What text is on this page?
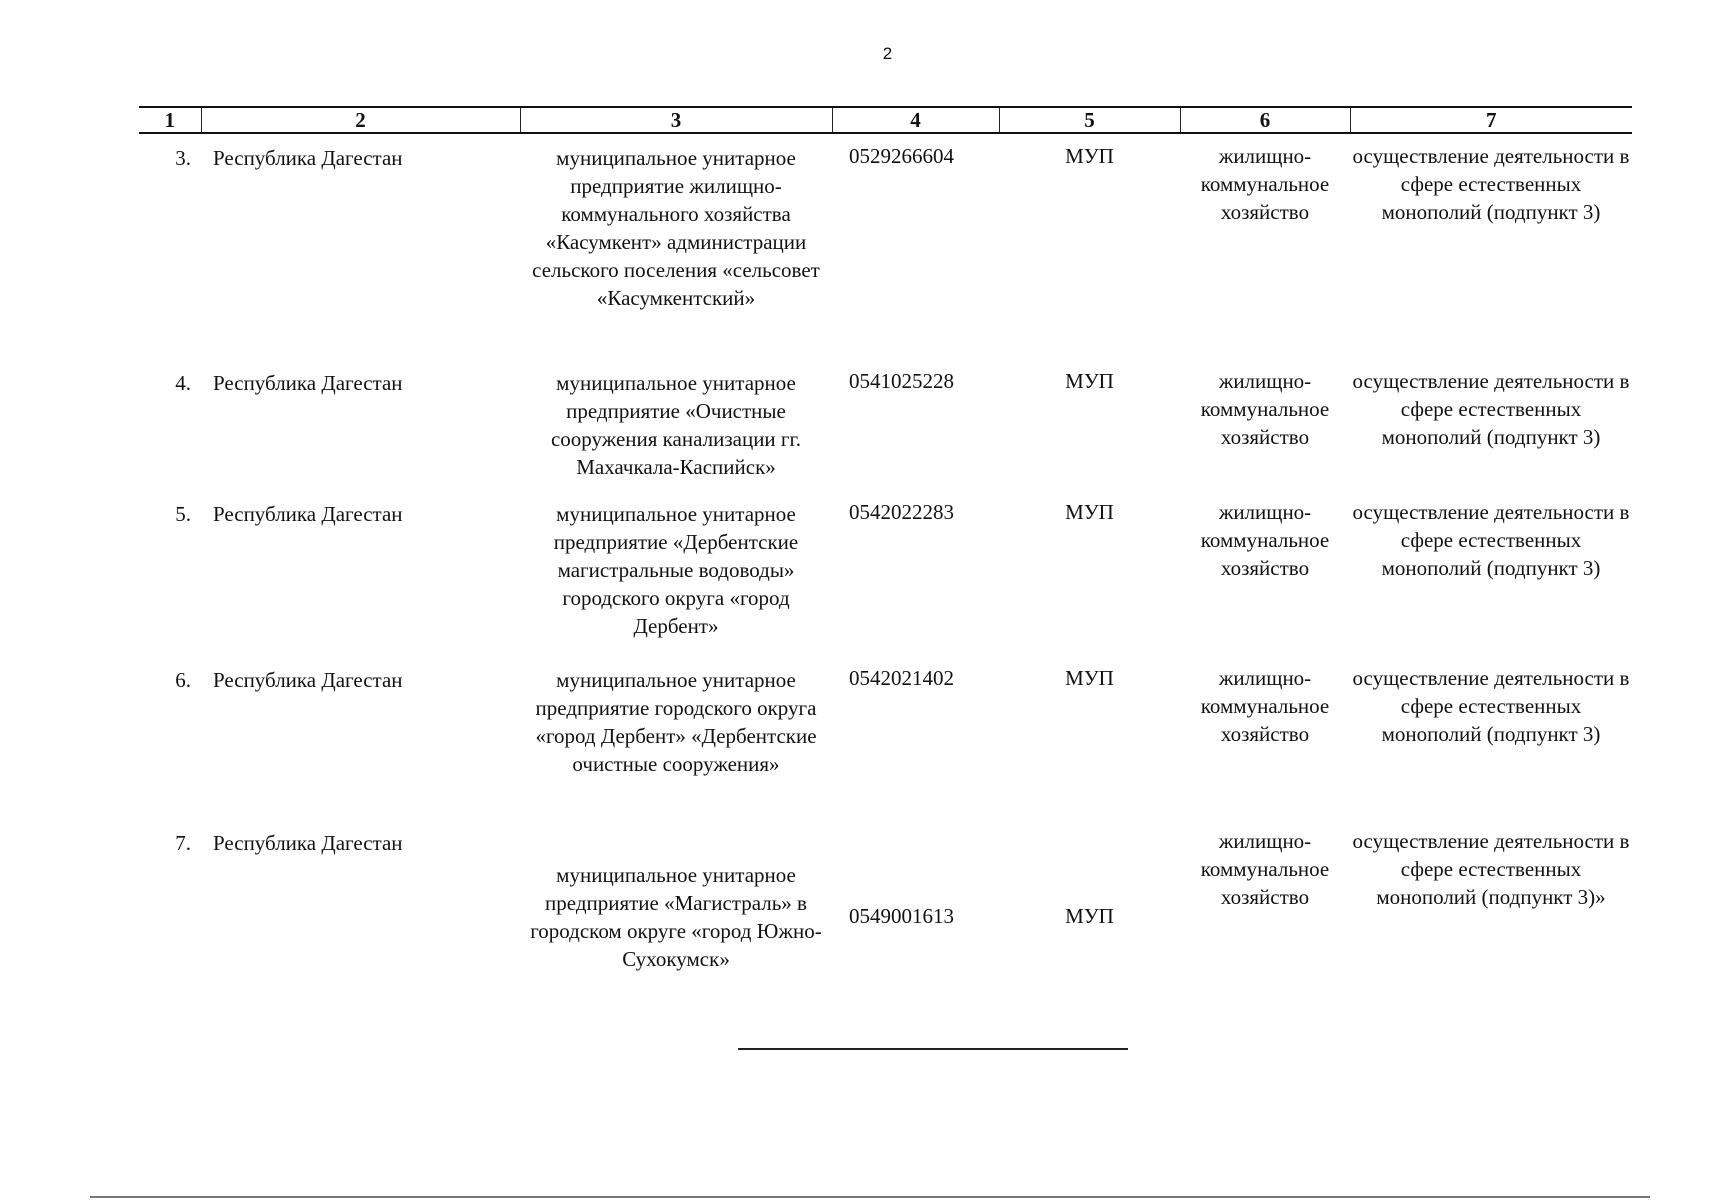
2
1	2	3	4	5	6	7
3.	Республика Дагестан	муниципальное унитарное предприятие жилищно-коммунального хозяйства «Касумкент» администрации сельского поселения «сельсовет «Касумкентский»	0529266604	МУП	жилищно-коммунальное хозяйство	осуществление деятельности в сфере естественных монополий (подпункт 3)
4.	Республика Дагестан	муниципальное унитарное предприятие «Очистные сооружения канализации гг. Махачкала-Каспийск»	0541025228	МУП	жилищно-коммунальное хозяйство	осуществление деятельности в сфере естественных монополий (подпункт 3)
5.	Республика Дагестан	муниципальное унитарное предприятие «Дербентские магистральные водоводы» городского округа «город Дербент»	0542022283	МУП	жилищно-коммунальное хозяйство	осуществление деятельности в сфере естественных монополий (подпункт 3)
6.	Республика Дагестан	муниципальное унитарное предприятие городского округа «город Дербент» «Дербентские очистные сооружения»	0542021402	МУП	жилищно-коммунальное хозяйство	осуществление деятельности в сфере естественных монополий (подпункт 3)
7.	Республика Дагестан	муниципальное унитарное предприятие «Магистраль» в городском округе «город Южно-Сухокумск»	0549001613	МУП	жилищно-коммунальное хозяйство	осуществление деятельности в сфере естественных монополий (подпункт 3)»
